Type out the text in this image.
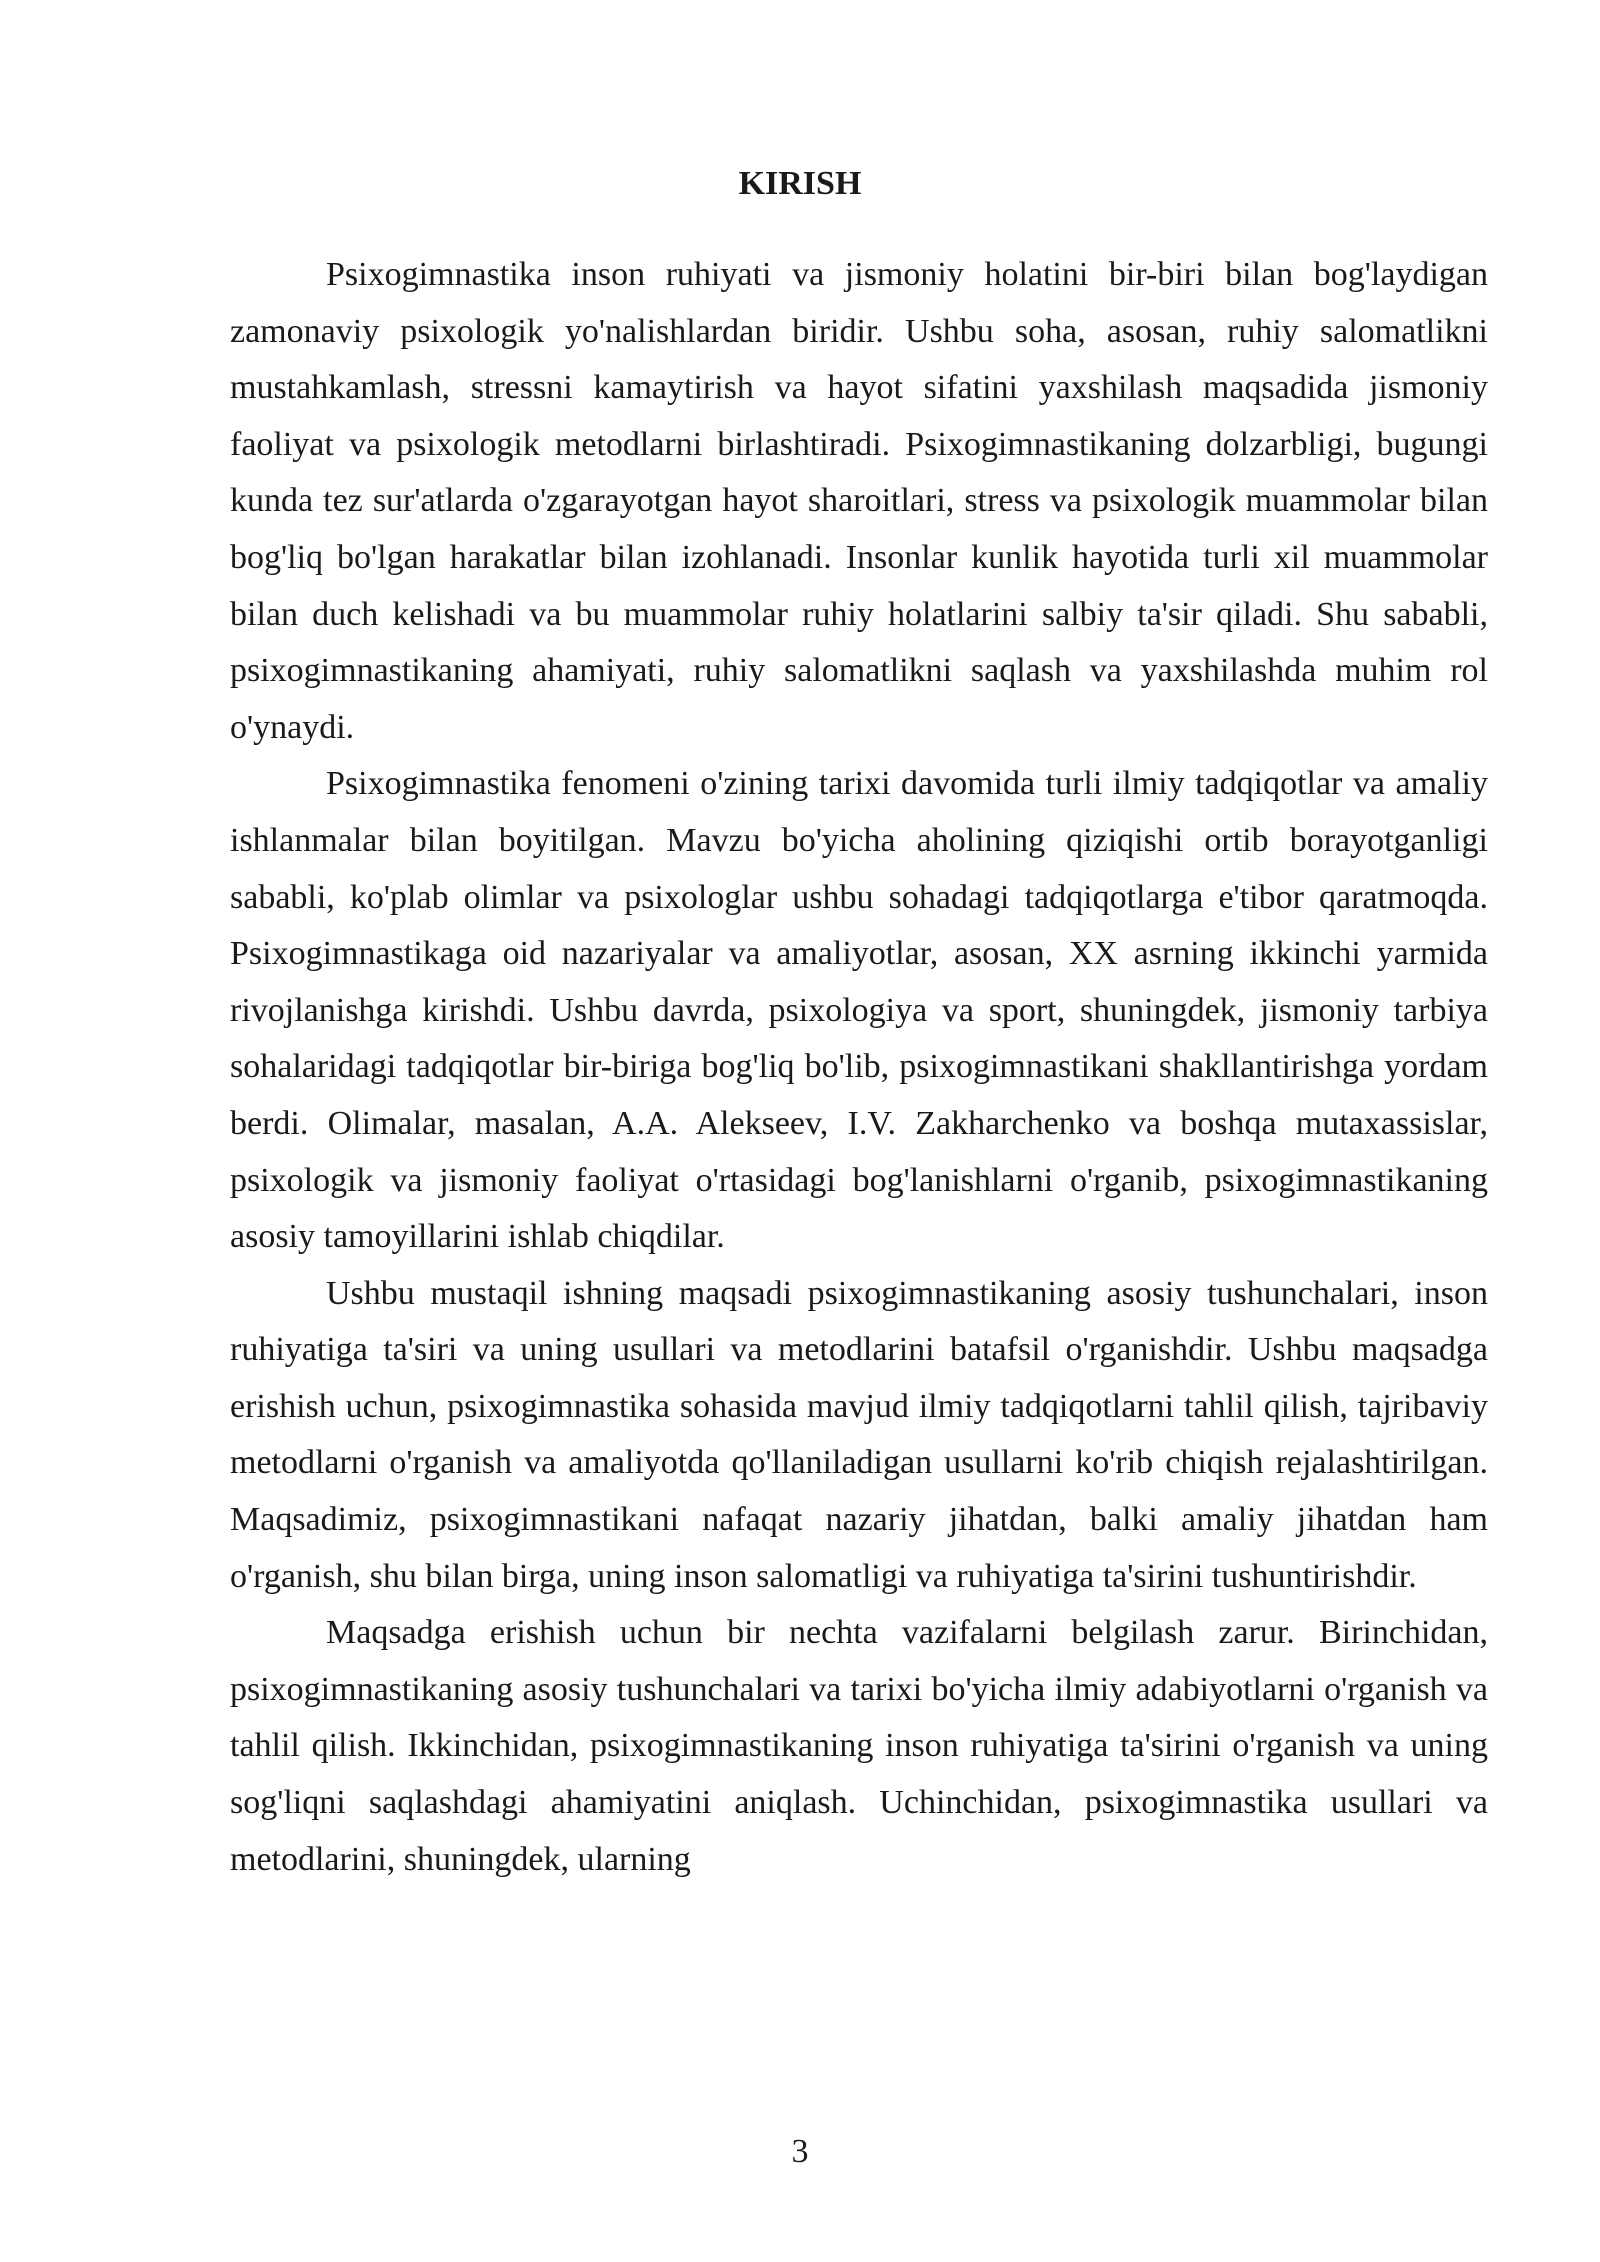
KIRISH

Psixogimnastika inson ruhiyati va jismoniy holatini bir-biri bilan bog'laydigan zamonaviy psixologik yo'nalishlardan biridir. Ushbu soha, asosan, ruhiy salomatlikni mustahkamlash, stressni kamaytirish va hayot sifatini yaxshilash maqsadida jismoniy faoliyat va psixologik metodlarni birlashtiradi. Psixogimnastikaning dolzarbligi, bugungi kunda tez sur'atlarda o'zgarayotgan hayot sharoitlari, stress va psixologik muammolar bilan bog'liq bo'lgan harakatlar bilan izohlanadi. Insonlar kunlik hayotida turli xil muammolar bilan duch kelishadi va bu muammolar ruhiy holatlarini salbiy ta'sir qiladi. Shu sababli, psixogimnastikaning ahamiyati, ruhiy salomatlikni saqlash va yaxshilashda muhim rol o'ynaydi.

Psixogimnastika fenomeni o'zining tarixi davomida turli ilmiy tadqiqotlar va amaliy ishlanmalar bilan boyitilgan. Mavzu bo'yicha aholining qiziqishi ortib borayotganligi sababli, ko'plab olimlar va psixologlar ushbu sohadagi tadqiqotlarga e'tibor qaratmoqda. Psixogimnastikaga oid nazariyalar va amaliyotlar, asosan, XX asrning ikkinchi yarmida rivojlanishga kirishdi. Ushbu davrda, psixologiya va sport, shuningdek, jismoniy tarbiya sohalaridagi tadqiqotlar bir-biriga bog'liq bo'lib, psixogimnastikani shakllantirishga yordam berdi. Olimalar, masalan, A.A. Alekseev, I.V. Zakharchenko va boshqa mutaxassislar, psixologik va jismoniy faoliyat o'rtasidagi bog'lanishlarni o'rganib, psixogimnastikaning asosiy tamoyillarini ishlab chiqdilar.

Ushbu mustaqil ishning maqsadi psixogimnastikaning asosiy tushunchalari, inson ruhiyatiga ta'siri va uning usullari va metodlarini batafsil o'rganishdir. Ushbu maqsadga erishish uchun, psixogimnastika sohasida mavjud ilmiy tadqiqotlarni tahlil qilish, tajribaviy metodlarni o'rganish va amaliyotda qo'llaniladigan usullarni ko'rib chiqish rejalashtirilgan. Maqsadimiz, psixogimnastikani nafaqat nazariy jihatdan, balki amaliy jihatdan ham o'rganish, shu bilan birga, uning inson salomatligi va ruhiyatiga ta'sirini tushuntirishdir.

Maqsadga erishish uchun bir nechta vazifalarni belgilash zarur. Birinchidan, psixogimnastikaning asosiy tushunchalari va tarixi bo'yicha ilmiy adabiyotlarni o'rganish va tahlil qilish. Ikkinchidan, psixogimnastikaning inson ruhiyatiga ta'sirini o'rganish va uning sog'liqni saqlashdagi ahamiyatini aniqlash. Uchinchidan, psixogimnastika usullari va metodlarini, shuningdek, ularning

3
